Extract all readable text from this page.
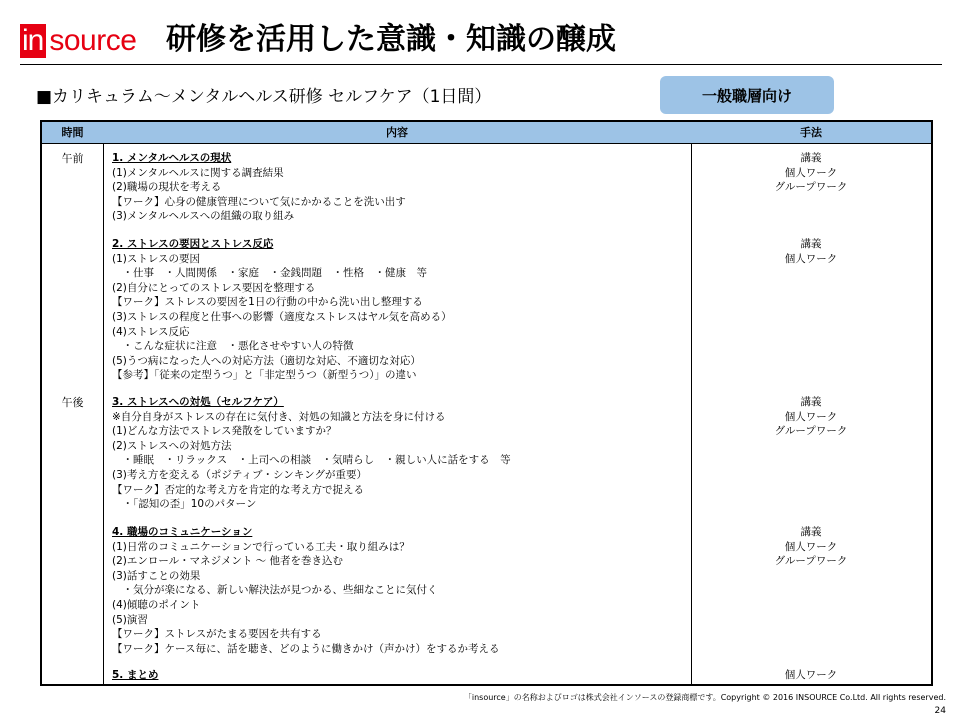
in source 研修を活用した意識・知識の醸成
■カリキュラム～メンタルヘルス研修 セルフケア（1日間）	一般職層向け
時間
午前
午後
内容
1. メンタルヘルスの現状
(1)メンタルヘルスに関する調査結果
(2)職場の現状を考える
【ワーク】心身の健康管理について気にかかることを洗い出す
(3)メンタルヘルスへの組織の取り組み
2. ストレスの要因とストレス反応
(1)ストレスの要因
　・仕事　・人間関係　・家庭　・金銭問題　・性格　・健康　等
(2)自分にとってのストレス要因を整理する
【ワーク】ストレスの要因を1日の行動の中から洗い出し整理する
(3)ストレスの程度と仕事への影響（適度なストレスはヤル気を高める）
(4)ストレス反応
　・こんな症状に注意　・悪化させやすい人の特徴
(5)うつ病になった人への対応方法（適切な対応、不適切な対応）
【参考】「従来の定型うつ」と「非定型うつ（新型うつ）」の違い
3. ストレスへの対処（セルフケア）
※自分自身がストレスの存在に気付き、対処の知識と方法を身に付ける
(1)どんな方法でストレス発散をしていますか？
(2)ストレスへの対処方法
　・睡眠　・リラックス　・上司への相談　・気晴らし　・親しい人に話をする　等
(3)考え方を変える（ポジティブ・シンキングが重要）
【ワーク】否定的な考え方を肯定的な考え方で捉える
　・「認知の歪」10のパターン
4. 職場のコミュニケーション
(1)日常のコミュニケーションで行っている工夫・取り組みは？
(2)エンロール・マネジメント ～ 他者を巻き込む
(3)話すことの効果
　・気分が楽になる、新しい解決法が見つかる、些細なことに気付く
(4)傾聴のポイント
(5)演習
【ワーク】ストレスがたまる要因を共有する
【ワーク】ケース毎に、話を聴き、どのように働きかけ（声かけ）をするか考える
5. まとめ
手法
講義
個人ワーク
グループワーク
講義
個人ワーク
講義
個人ワーク
グループワーク
講義
個人ワーク
グループワーク
個人ワーク
「insource」の名称およびロゴは株式会社インソースの登録商標です。Copyright © 2016 INSOURCE Co.Ltd. All rights reserved.
24
